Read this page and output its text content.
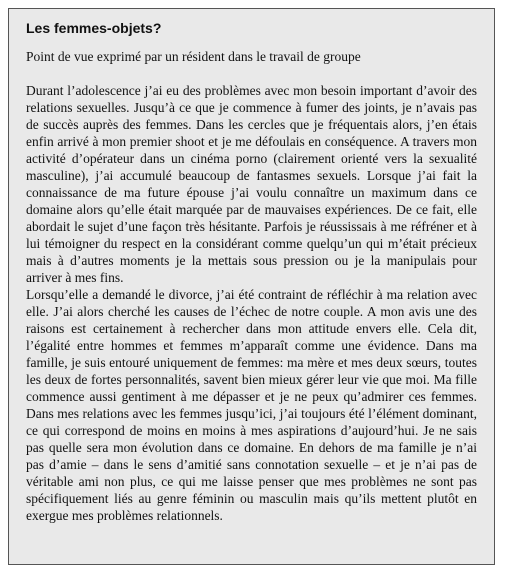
Les femmes-objets?
Point de vue exprimé par un résident dans le travail de groupe

Durant l’adolescence j’ai eu des problèmes avec mon besoin important d’avoir des relations sexuelles. Jusqu’à ce que je commence à fumer des joints, je n’avais pas de succès auprès des femmes. Dans les cercles que je fréquentais alors, j’en étais enfin arrivé à mon premier shoot et je me défoulais en conséquence. A travers mon activité d’opérateur dans un cinéma porno (clairement orienté vers la sexualité masculine), j’ai accumulé beaucoup de fantasmes sexuels. Lorsque j’ai fait la connaissance de ma future épouse j’ai voulu connaître un maximum dans ce domaine alors qu’elle était marquée par de mauvaises expériences. De ce fait, elle abordait le sujet d’une façon très hésitante. Parfois je réussissais à me réfréner et à lui témoigner du respect en la considérant comme quelqu’un qui m’était précieux mais à d’autres moments je la mettais sous pression ou je la manipulais pour arriver à mes fins.

Lorsqu’elle a demandé le divorce, j’ai été contraint de réfléchir à ma relation avec elle. J’ai alors cherché les causes de l’échec de notre couple. A mon avis une des raisons est certainement à rechercher dans mon attitude envers elle. Cela dit, l’égalité entre hommes et femmes m’apparaît comme une évidence. Dans ma famille, je suis entouré uniquement de femmes: ma mère et mes deux sœurs, toutes les deux de fortes personnalités, savent bien mieux gérer leur vie que moi. Ma fille commence aussi gentiment à me dépasser et je ne peux qu’admirer ces femmes. Dans mes relations avec les femmes jusqu’ici, j’ai toujours été l’élément dominant, ce qui correspond de moins en moins à mes aspirations d’aujourd’hui. Je ne sais pas quelle sera mon évolution dans ce domaine. En dehors de ma famille je n’ai pas d’amie – dans le sens d’amitié sans connotation sexuelle – et je n’ai pas de véritable ami non plus, ce qui me laisse penser que mes problèmes ne sont pas spécifiquement liés au genre féminin ou masculin mais qu’ils mettent plutôt en exergue mes problèmes relationnels.
